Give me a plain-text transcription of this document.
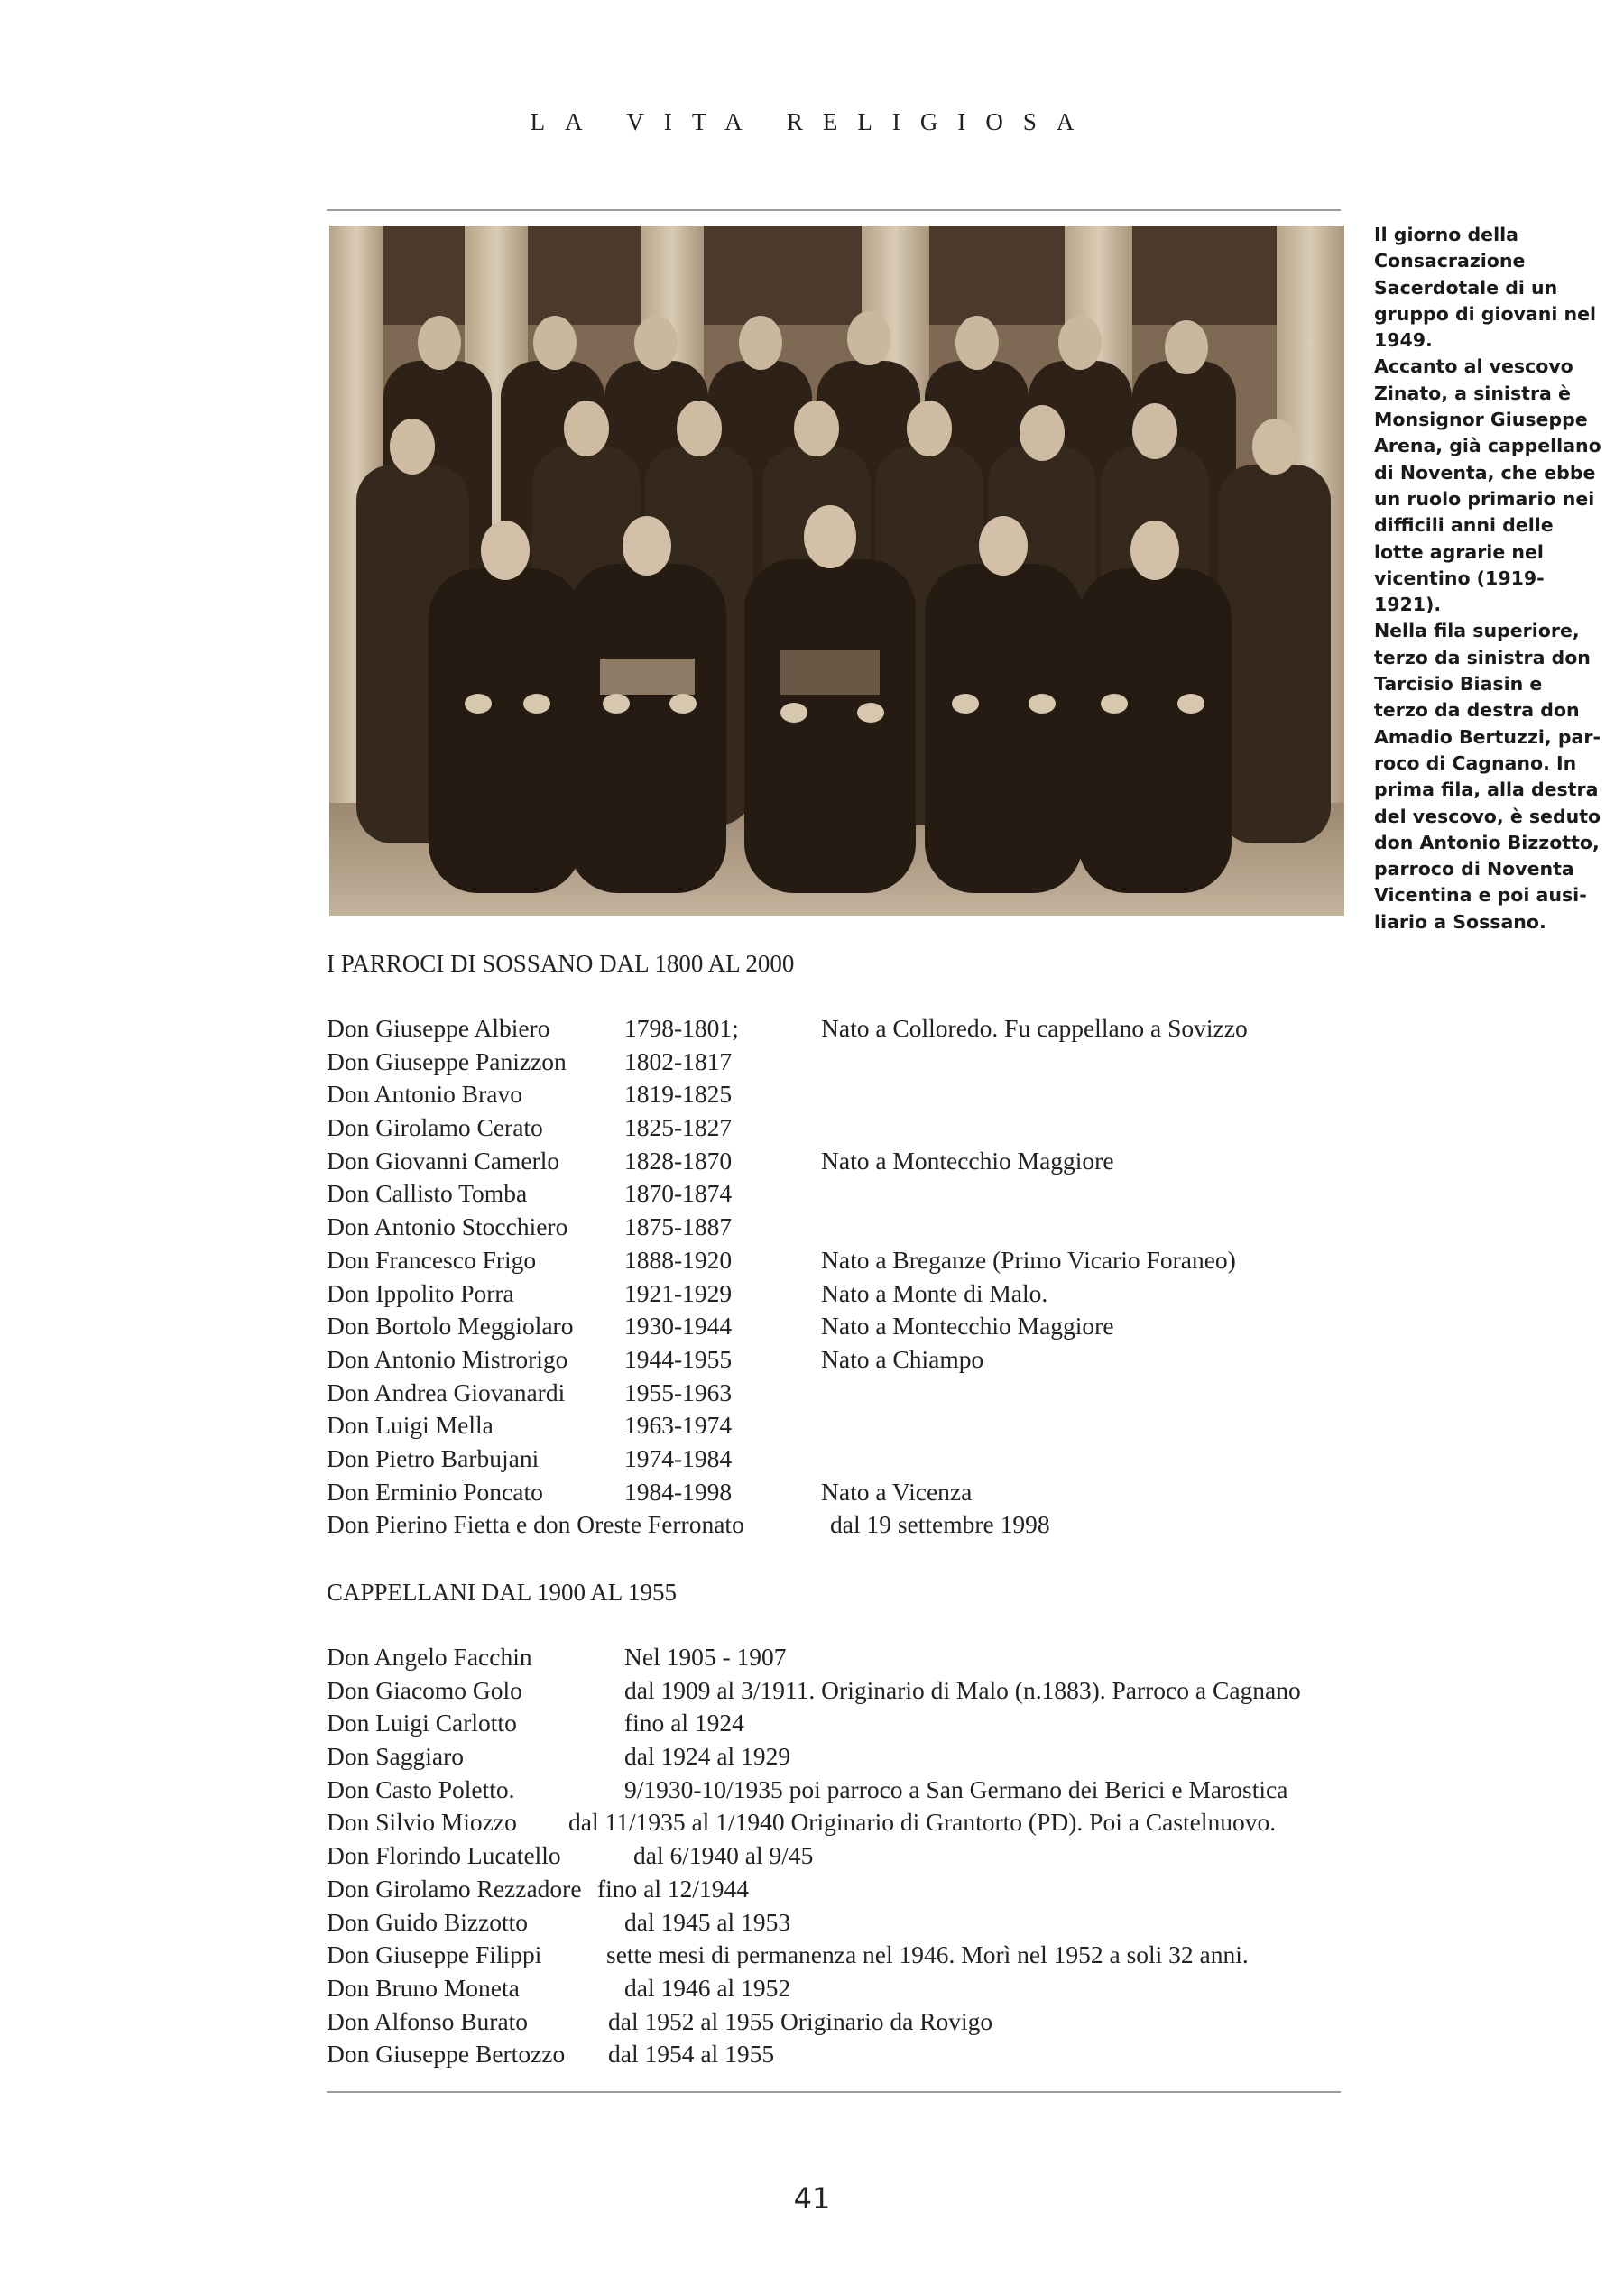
LA VITA RELIGIOSA
Il giorno della
Consacrazione
Sacerdotale di un
gruppo di giovani nel
1949.
Accanto al vescovo
Zinato, a sinistra è
Monsignor Giuseppe
Arena, già cappellano
di Noventa, che ebbe
un ruolo primario nei
difficili anni delle
lotte agrarie nel
vicentino (1919-
1921).
Nella fila superiore,
terzo da sinistra don
Tarcisio Biasin e
terzo da destra don
Amadio Bertuzzi, par-
roco di Cagnano. In
prima fila, alla destra
del vescovo, è seduto
don Antonio Bizzotto,
parroco di Noventa
Vicentina e poi ausi-
liario a Sossano.
I PARROCI DI SOSSANO DAL 1800 AL 2000
Don Giuseppe Albiero	1798-1801;	Nato a Colloredo. Fu cappellano a Sovizzo
Don Giuseppe Panizzon 1802-1817
Don Antonio Bravo	1819-1825
Don Girolamo Cerato	1825-1827
Don Giovanni Camerlo	1828-1870	Nato a Montecchio Maggiore
Don Callisto Tomba	1870-1874
Don Antonio Stocchiero 1875-1887
Don Francesco Frigo	1888-1920	Nato a Breganze (Primo Vicario Foraneo)
Don Ippolito Porra	1921-1929	Nato a Monte di Malo.
Don Bortolo Meggiolaro 1930-1944	Nato a Montecchio Maggiore
Don Antonio Mistrorigo 1944-1955	Nato a Chiampo
Don Andrea Giovanardi 1955-1963
Don Luigi Mella	1963-1974
Don Pietro Barbujani	1974-1984
Don Erminio Poncato	1984-1998	Nato a Vicenza
Don Pierino Fietta e don Oreste Ferronato	dal 19 settembre 1998
CAPPELLANI DAL 1900 AL 1955
Don Angelo Facchin	Nel 1905 - 1907
Don Giacomo Golo	dal 1909 al 3/1911. Originario di Malo (n.1883). Parroco a Cagnano
Don Luigi Carlotto	fino al 1924
Don Saggiaro	dal 1924 al 1929
Don Casto Poletto.	9/1930-10/1935 poi parroco a San Germano dei Berici e Marostica
Don Silvio Miozzo dal 11/1935 al 1/1940 Originario di Grantorto (PD). Poi a Castelnuovo.
Don Florindo Lucatello	dal 6/1940 al 9/45
Don Girolamo Rezzadore fino al 12/1944
Don Guido Bizzotto	dal 1945 al 1953
Don Giuseppe Filippi	sette mesi di permanenza nel 1946. Morì nel 1952 a soli 32 anni.
Don Bruno Moneta	dal 1946 al 1952
Don Alfonso Burato	dal 1952 al 1955 Originario da Rovigo
Don Giuseppe Bertozzo dal 1954 al 1955
41
